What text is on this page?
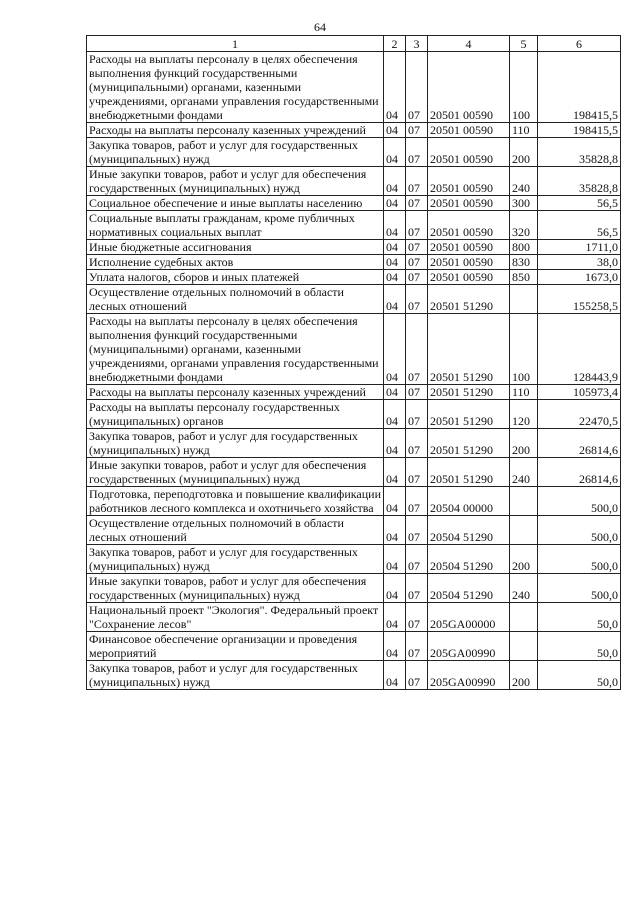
64
1	2	3	4	5	6
Расходы на выплаты персоналу в целях обеспечения выполнения функций государственными (муниципальными) органами, казенными учреждениями, органами управления государственными внебюджетными фондами	04	07	20501 00590	100	198415,5
Расходы на выплаты персоналу казенных учреждений	04	07	20501 00590	110	198415,5
Закупка товаров, работ и услуг для государственных (муниципальных) нужд	04	07	20501 00590	200	35828,8
Иные закупки товаров, работ и услуг для обеспечения государственных (муниципальных) нужд	04	07	20501 00590	240	35828,8
Социальное обеспечение и иные выплаты населению	04	07	20501 00590	300	56,5
Социальные выплаты гражданам, кроме публичных нормативных социальных выплат	04	07	20501 00590	320	56,5
Иные бюджетные ассигнования	04	07	20501 00590	800	1711,0
Исполнение судебных актов	04	07	20501 00590	830	38,0
Уплата налогов, сборов и иных платежей	04	07	20501 00590	850	1673,0
Осуществление отдельных полномочий в области лесных отношений	04	07	20501 51290		155258,5
Расходы на выплаты персоналу в целях обеспечения выполнения функций государственными (муниципальными) органами, казенными учреждениями, органами управления государственными внебюджетными фондами	04	07	20501 51290	100	128443,9
Расходы на выплаты персоналу казенных учреждений	04	07	20501 51290	110	105973,4
Расходы на выплаты персоналу государственных (муниципальных) органов	04	07	20501 51290	120	22470,5
Закупка товаров, работ и услуг для государственных (муниципальных) нужд	04	07	20501 51290	200	26814,6
Иные закупки товаров, работ и услуг для обеспечения государственных (муниципальных) нужд	04	07	20501 51290	240	26814,6
Подготовка, переподготовка и повышение квалификации работников лесного комплекса и охотничьего хозяйства	04	07	20504 00000		500,0
Осуществление отдельных полномочий в области лесных отношений	04	07	20504 51290		500,0
Закупка товаров, работ и услуг для государственных (муниципальных) нужд	04	07	20504 51290	200	500,0
Иные закупки товаров, работ и услуг для обеспечения государственных (муниципальных) нужд	04	07	20504 51290	240	500,0
Национальный проект "Экология". Федеральный проект "Сохранение лесов"	04	07	205GA00000		50,0
Финансовое обеспечение организации и проведения мероприятий	04	07	205GA00990		50,0
Закупка товаров, работ и услуг для государственных (муниципальных) нужд	04	07	205GA00990	200	50,0
